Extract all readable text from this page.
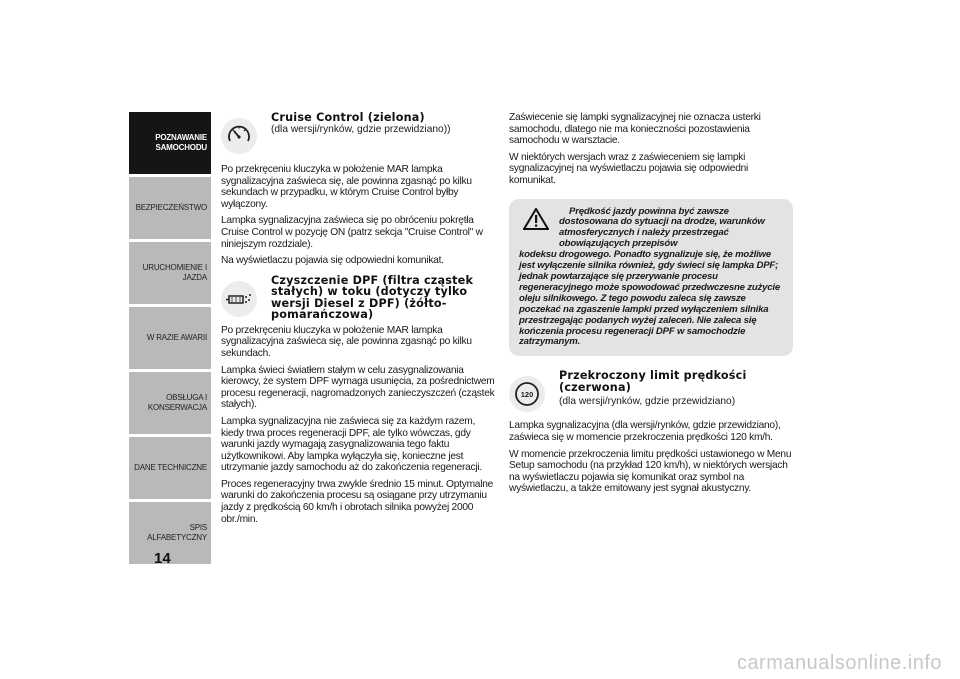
POZNAWANIE
SAMOCHODU
BEZPIECZEŃSTWO
URUCHOMIENIE I
JAZDA
W RAZIE AWARII
OBSŁUGA I
KONSERWACJA
DANE TECHNICZNE
SPIS ALFABETYCZNY
14
Cruise Control (zielona)
(dla wersji/rynków, gdzie przewidziano))

Po przekręceniu kluczyka w położenie MAR lampka sygnalizacyjna zaświeca się, ale powinna zgasnąć po kilku sekundach w przypadku, w którym Cruise Control byłby wyłączony.

Lampka sygnalizacyjna zaświeca się po obróceniu pokrętła Cruise Control w pozycję ON (patrz sekcja "Cruise Control" w niniejszym rozdziale).

Na wyświetlaczu pojawia się odpowiedni komunikat.

Czyszczenie DPF (filtra cząstek stałych) w toku (dotyczy tylko wersji Diesel z DPF) (żółto-pomarańczowa)

Po przekręceniu kluczyka w położenie MAR lampka sygnalizacyjna zaświeca się, ale powinna zgasnąć po kilku sekundach.

Lampka świeci światłem stałym w celu zasygnalizowania kierowcy, że system DPF wymaga usunięcia, za pośrednictwem procesu regeneracji, nagromadzonych zanieczyszczeń (cząstek stałych).

Lampka sygnalizacyjna nie zaświeca się za każdym razem, kiedy trwa proces regeneracji DPF, ale tylko wówczas, gdy warunki jazdy wymagają zasygnalizowania tego faktu użytkownikowi. Aby lampka wyłączyła się, konieczne jest utrzymanie jazdy samochodu aż do zakończenia regeneracji.

Proces regeneracyjny trwa zwykle średnio 15 minut. Optymalne warunki do zakończenia procesu są osiągane przy utrzymaniu jazdy z prędkością 60 km/h i obrotach silnika powyżej 2000 obr./min.

Zaświecenie się lampki sygnalizacyjnej nie oznacza usterki samochodu, dlatego nie ma konieczności pozostawienia samochodu w warsztacie.

W niektórych wersjach wraz z zaświeceniem się lampki sygnalizacyjnej na wyświetlaczu pojawia się odpowiedni komunikat.

Prędkość jazdy powinna być zawsze dostosowana do sytuacji na drodze, warunków atmosferycznych i należy przestrzegać obowiązujących przepisów
kodeksu drogowego. Ponadto sygnalizuje się, że możliwe jest wyłączenie silnika również, gdy świeci się lampka DPF; jednak powtarzające się przerywanie procesu regeneracyjnego może spowodować przedwczesne zużycie oleju silnikowego. Z tego powodu zaleca się zawsze poczekać na zgaszenie lampki przed wyłączeniem silnika przestrzegając podanych wyżej zaleceń. Nie zaleca się kończenia procesu regeneracji DPF w samochodzie zatrzymanym.
120
Przekroczony limit prędkości (czerwona)
(dla wersji/rynków, gdzie przewidziano)

Lampka sygnalizacyjna (dla wersji/rynków, gdzie przewidziano), zaświeca się w momencie przekroczenia prędkości 120 km/h.

W momencie przekroczenia limitu prędkości ustawionego w Menu Setup samochodu (na przykład 120 km/h), w niektórych wersjach na wyświetlaczu pojawia się komunikat oraz symbol na wyświetlaczu, a także emitowany jest sygnał akustyczny.

carmanualsonline.info
